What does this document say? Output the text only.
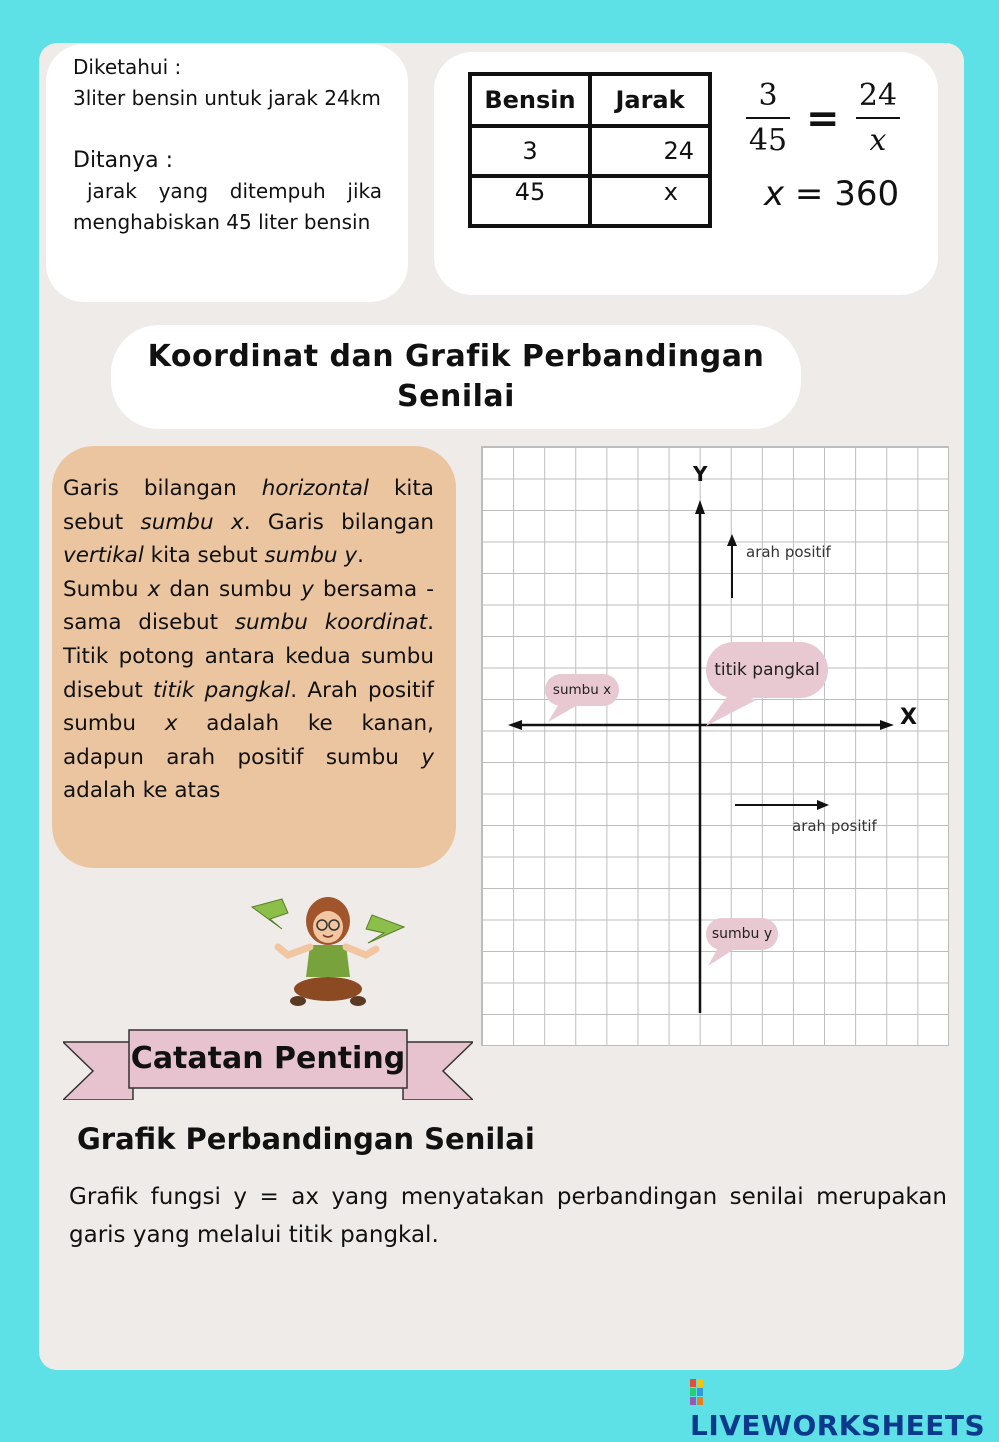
Diketahui :
3liter bensin untuk jarak 24km
Ditanya :
jarak yang ditempuh jika menghabiskan 45 liter bensin
Bensin	Jarak
3	24
45	x
3
45 =
24
x
x = 360
Koordinat dan Grafik Perbandingan
Senilai

Garis bilangan horizontal kita sebut sumbu x. Garis bilangan vertikal kita sebut sumbu y.
Sumbu x dan sumbu y bersama - sama disebut sumbu koordinat. Titik potong antara kedua sumbu disebut titik pangkal. Arah positif sumbu x adalah ke kanan, adapun arah positif sumbu y adalah ke atas

Y
X
arah positif
arah positif
sumbu x
titik pangkal
sumbu y
Catatan Penting
Grafik Perbandingan Senilai
Grafik fungsi y = ax yang menyatakan perbandingan senilai merupakan garis yang melalui titik pangkal.
LIVEWORKSHEETS
